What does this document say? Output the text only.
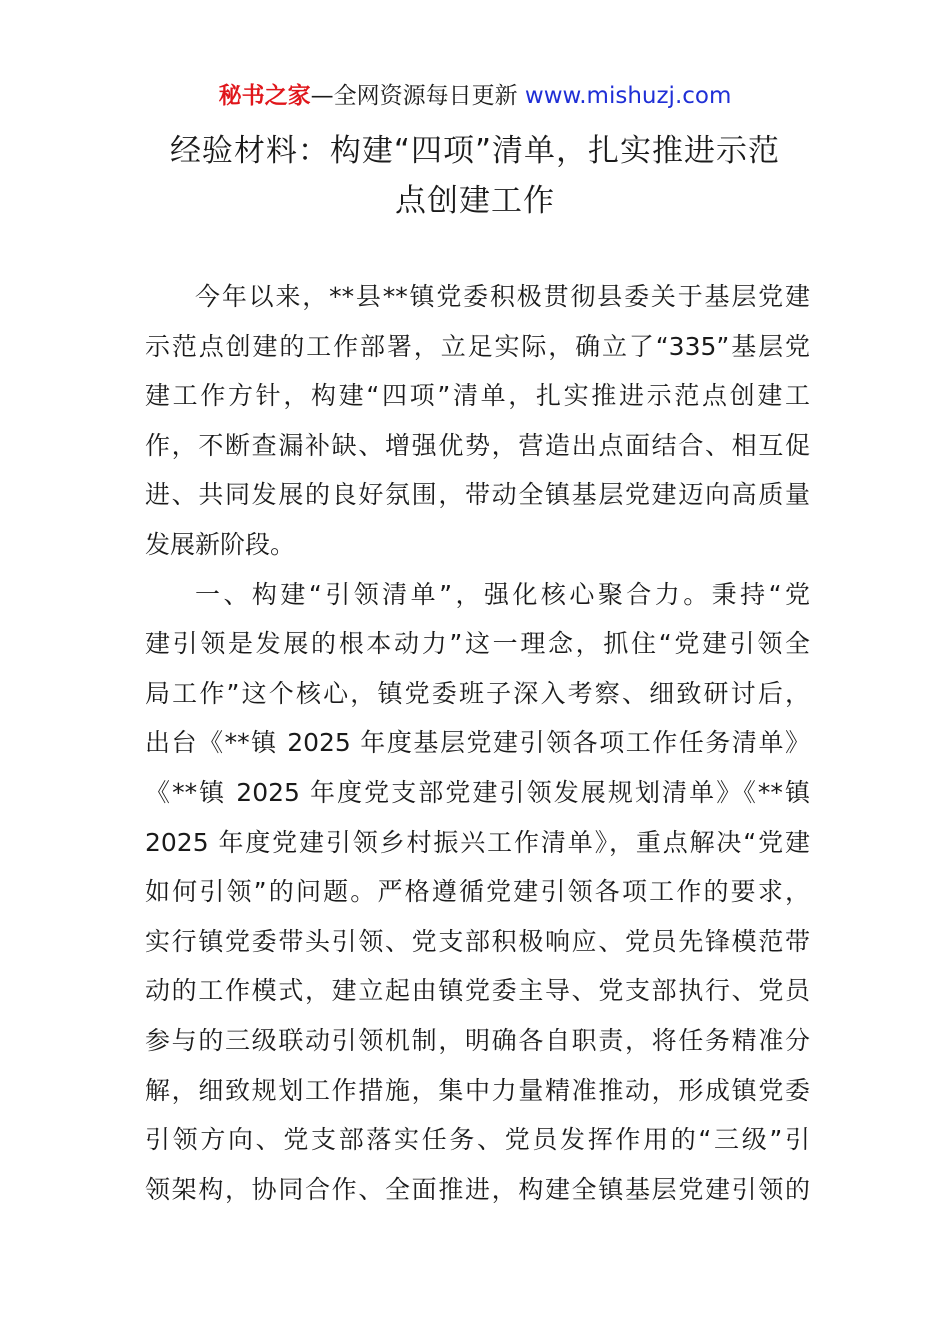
秘书之家—全网资源每日更新 www.mishuzj.com
经验材料：构建“四项”清单，扎实推进示范
点创建工作
今年以来，**县**镇党委积极贯彻县委关于基层党建
示范点创建的工作部署，立足实际，确立了“335”基层党
建工作方针，构建“四项”清单，扎实推进示范点创建工
作，不断查漏补缺、增强优势，营造出点面结合、相互促
进、共同发展的良好氛围，带动全镇基层党建迈向高质量
发展新阶段。
一、构建“引领清单”，强化核心聚合力。秉持“党
建引领是发展的根本动力”这一理念，抓住“党建引领全
局工作”这个核心，镇党委班子深入考察、细致研讨后，
出台《**镇 2025 年度基层党建引领各项工作任务清单》
《**镇 2025 年度党支部党建引领发展规划清单》《**镇
2025 年度党建引领乡村振兴工作清单》，重点解决“党建
如何引领”的问题。严格遵循党建引领各项工作的要求，
实行镇党委带头引领、党支部积极响应、党员先锋模范带
动的工作模式，建立起由镇党委主导、党支部执行、党员
参与的三级联动引领机制，明确各自职责，将任务精准分
解，细致规划工作措施，集中力量精准推动，形成镇党委
引领方向、党支部落实任务、党员发挥作用的“三级”引
领架构，协同合作、全面推进，构建全镇基层党建引领的
